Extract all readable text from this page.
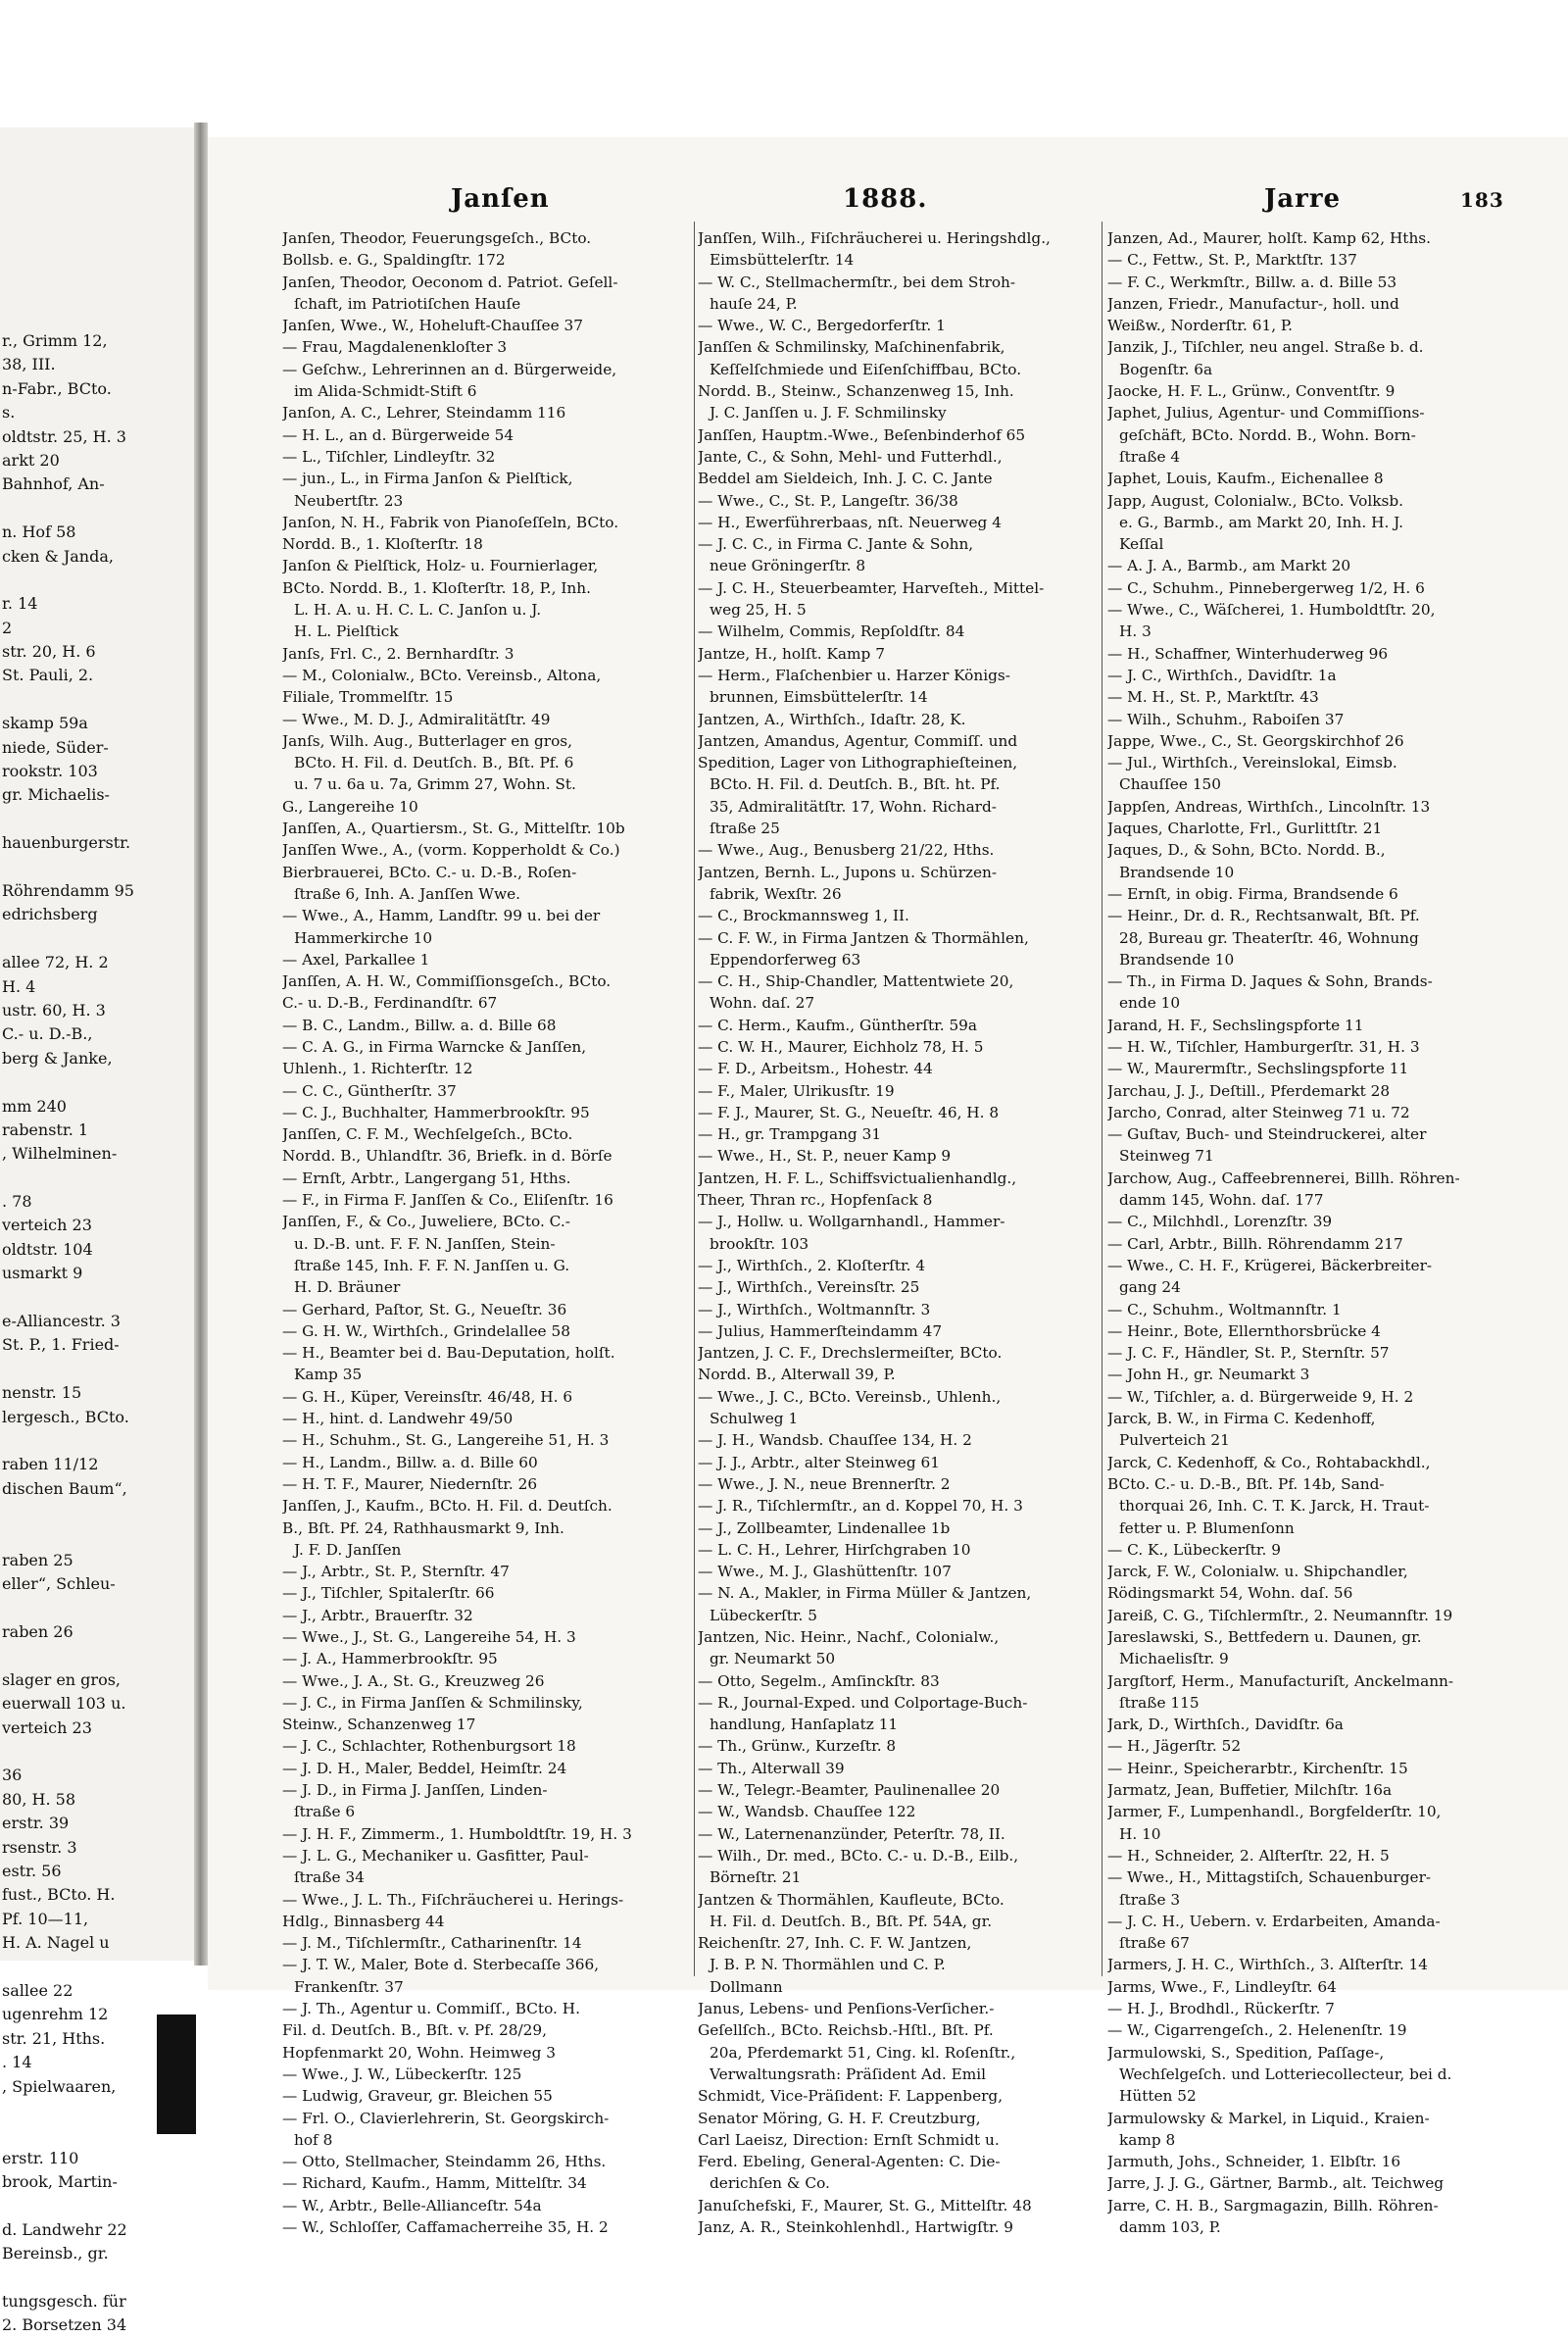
r., Grimm 12,
38, III.
n-Fabr., BCto.
s.
oldtstr. 25, H. 3
arkt 20
Bahnhof, An-
n. Hof 58
cken & Janda,
r. 14
2
str. 20, H. 6
St. Pauli, 2.
skamp 59a
niede, Süder-
rookstr. 103
gr. Michaelis-
hauenburgerstr.
Röhrendamm 95
edrichsberg
allee 72, H. 2
H. 4
ustr. 60, H. 3
C.- u. D.-B.,
berg & Janke,
mm 240
rabenstr. 1
, Wilhelminen-
. 78
verteich 23
oldtstr. 104
usmarkt 9
e-Alliancestr. 3
St. P., 1. Fried-
nenstr. 15
lergesch., BCto.
raben 11/12
dischen Baum“,
raben 25
eller“, Schleu-
raben 26
slager en gros,
euerwall 103 u.
verteich 23
36
80, H. 58
erstr. 39
rsenstr. 3
estr. 56
fust., BCto. H.
Pf. 10—11,
H. A. Nagel u
sallee 22
ugenrehm 12
str. 21, Hths.
. 14
, Spielwaaren,
erstr. 110
brook, Martin-
d. Landwehr 22
Bereinsb., gr.
tungsgesch. für
2. Borsetzen 34
Janſen	1888.	Jarre	183
Janſen, Theodor, Feuerungsgeſch., BCto.
Bollsb. e. G., Spaldingſtr. 172
Janſen, Theodor, Oeconom d. Patriot. Geſell-
ſchaft, im Patriotiſchen Hauſe
Janſen, Wwe., W., Hoheluft-Chauſſee 37
— Frau, Magdalenenkloſter 3
— Geſchw., Lehrerinnen an d. Bürgerweide,
im Alida-Schmidt-Stift 6
Janſon, A. C., Lehrer, Steindamm 116
— H. L., an d. Bürgerweide 54
— L., Tiſchler, Lindleyſtr. 32
— jun., L., in Firma Janſon & Pielſtick,
Neubertſtr. 23
Janſon, N. H., Fabrik von Pianoſeſſeln, BCto.
Nordd. B., 1. Kloſterſtr. 18
Janſon & Pielſtick, Holz- u. Fournierlager,
BCto. Nordd. B., 1. Kloſterſtr. 18, P., Inh.
L. H. A. u. H. C. L. C. Janſon u. J.
H. L. Pielſtick
Janſs, Frl. C., 2. Bernhardſtr. 3
— M., Colonialw., BCto. Vereinsb., Altona,
Filiale, Trommelſtr. 15
— Wwe., M. D. J., Admiralitätſtr. 49
Janſs, Wilh. Aug., Butterlager en gros,
BCto. H. Fil. d. Deutſch. B., Bſt. Pf. 6
u. 7 u. 6a u. 7a, Grimm 27, Wohn. St.
G., Langereihe 10
Janſſen, A., Quartiersm., St. G., Mittelſtr. 10b
Janſſen Wwe., A., (vorm. Kopperholdt & Co.)
Bierbrauerei, BCto. C.- u. D.-B., Roſen-
ſtraße 6, Inh. A. Janſſen Wwe.
— Wwe., A., Hamm, Landſtr. 99 u. bei der
Hammerkirche 10
— Axel, Parkallee 1
Janſſen, A. H. W., Commiſſionsgeſch., BCto.
C.- u. D.-B., Ferdinandſtr. 67
— B. C., Landm., Billw. a. d. Bille 68
— C. A. G., in Firma Warncke & Janſſen,
Uhlenh., 1. Richterſtr. 12
— C. C., Güntherſtr. 37
— C. J., Buchhalter, Hammerbrookſtr. 95
Janſſen, C. F. M., Wechſelgeſch., BCto.
Nordd. B., Uhlandſtr. 36, Briefk. in d. Börſe
— Ernſt, Arbtr., Langergang 51, Hths.
— F., in Firma F. Janſſen & Co., Eliſenſtr. 16
Janſſen, F., & Co., Juweliere, BCto. C.-
u. D.-B. unt. F. F. N. Janſſen, Stein-
ſtraße 145, Inh. F. F. N. Janſſen u. G.
H. D. Bräuner
— Gerhard, Paſtor, St. G., Neueſtr. 36
— G. H. W., Wirthſch., Grindelallee 58
— H., Beamter bei d. Bau-Deputation, holſt.
Kamp 35
— G. H., Küper, Vereinsſtr. 46/48, H. 6
— H., hint. d. Landwehr 49/50
— H., Schuhm., St. G., Langereihe 51, H. 3
— H., Landm., Billw. a. d. Bille 60
— H. T. F., Maurer, Niedernſtr. 26
Janſſen, J., Kaufm., BCto. H. Fil. d. Deutſch.
B., Bſt. Pf. 24, Rathhausmarkt 9, Inh.
J. F. D. Janſſen
— J., Arbtr., St. P., Sternſtr. 47
— J., Tiſchler, Spitalerſtr. 66
— J., Arbtr., Brauerſtr. 32
— Wwe., J., St. G., Langereihe 54, H. 3
— J. A., Hammerbrookſtr. 95
— Wwe., J. A., St. G., Kreuzweg 26
— J. C., in Firma Janſſen & Schmilinsky,
Steinw., Schanzenweg 17
— J. C., Schlachter, Rothenburgsort 18
— J. D. H., Maler, Beddel, Heimſtr. 24
— J. D., in Firma J. Janſſen, Linden-
ſtraße 6
— J. H. F., Zimmerm., 1. Humboldtſtr. 19, H. 3
— J. L. G., Mechaniker u. Gasfitter, Paul-
ſtraße 34
— Wwe., J. L. Th., Fiſchräucherei u. Herings-
Hdlg., Binnasberg 44
— J. M., Tiſchlermſtr., Catharinenſtr. 14
— J. T. W., Maler, Bote d. Sterbecaſſe 366,
Frankenſtr. 37
— J. Th., Agentur u. Commiſſ., BCto. H.
Fil. d. Deutſch. B., Bſt. v. Pf. 28/29,
Hopfenmarkt 20, Wohn. Heimweg 3
— Wwe., J. W., Lübeckerſtr. 125
— Ludwig, Graveur, gr. Bleichen 55
— Frl. O., Clavierlehrerin, St. Georgskirch-
hof 8
— Otto, Stellmacher, Steindamm 26, Hths.
— Richard, Kaufm., Hamm, Mittelſtr. 34
— W., Arbtr., Belle-Allianceſtr. 54a
— W., Schloſſer, Caffamacherreihe 35, H. 2
Janſſen, Wilh., Fiſchräucherei u. Heringshdlg.,
Eimsbüttelerſtr. 14
— W. C., Stellmachermſtr., bei dem Stroh-
hauſe 24, P.
— Wwe., W. C., Bergedorferſtr. 1
Janſſen & Schmilinsky, Maſchinenfabrik,
Keſſelſchmiede und Eiſenſchiffbau, BCto.
Nordd. B., Steinw., Schanzenweg 15, Inh.
J. C. Janſſen u. J. F. Schmilinsky
Janſſen, Hauptm.-Wwe., Beſenbinderhof 65
Jante, C., & Sohn, Mehl- und Futterhdl.,
Beddel am Sieldeich, Inh. J. C. C. Jante
— Wwe., C., St. P., Langeſtr. 36/38
— H., Ewerführerbaas, nſt. Neuerweg 4
— J. C. C., in Firma C. Jante & Sohn,
neue Gröningerſtr. 8
— J. C. H., Steuerbeamter, Harveſteh., Mittel-
weg 25, H. 5
— Wilhelm, Commis, Repſoldſtr. 84
Jantze, H., holſt. Kamp 7
— Herm., Flaſchenbier u. Harzer Königs-
brunnen, Eimsbüttelerſtr. 14
Jantzen, A., Wirthſch., Idaſtr. 28, K.
Jantzen, Amandus, Agentur, Commiſſ. und
Spedition, Lager von Lithographieſteinen,
BCto. H. Fil. d. Deutſch. B., Bſt. ht. Pf.
35, Admiralitätſtr. 17, Wohn. Richard-
ſtraße 25
— Wwe., Aug., Benusberg 21/22, Hths.
Jantzen, Bernh. L., Jupons u. Schürzen-
fabrik, Wexſtr. 26
— C., Brockmannsweg 1, II.
— C. F. W., in Firma Jantzen & Thormählen,
Eppendorferweg 63
— C. H., Ship-Chandler, Mattentwiete 20,
Wohn. daſ. 27
— C. Herm., Kaufm., Güntherſtr. 59a
— C. W. H., Maurer, Eichholz 78, H. 5
— F. D., Arbeitsm., Hohestr. 44
— F., Maler, Ulrikusſtr. 19
— F. J., Maurer, St. G., Neueſtr. 46, H. 8
— H., gr. Trampgang 31
— Wwe., H., St. P., neuer Kamp 9
Jantzen, H. F. L., Schiffsvictualienhandlg.,
Theer, Thran rc., Hopfenſack 8
— J., Hollw. u. Wollgarnhandl., Hammer-
brookſtr. 103
— J., Wirthſch., 2. Kloſterſtr. 4
— J., Wirthſch., Vereinsſtr. 25
— J., Wirthſch., Woltmannſtr. 3
— Julius, Hammerſteindamm 47
Jantzen, J. C. F., Drechslermeiſter, BCto.
Nordd. B., Alterwall 39, P.
— Wwe., J. C., BCto. Vereinsb., Uhlenh.,
Schulweg 1
— J. H., Wandsb. Chauſſee 134, H. 2
— J. J., Arbtr., alter Steinweg 61
— Wwe., J. N., neue Brennerſtr. 2
— J. R., Tiſchlermſtr., an d. Koppel 70, H. 3
— J., Zollbeamter, Lindenallee 1b
— L. C. H., Lehrer, Hirſchgraben 10
— Wwe., M. J., Glashüttenſtr. 107
— N. A., Makler, in Firma Müller & Jantzen,
Lübeckerſtr. 5
Jantzen, Nic. Heinr., Nachf., Colonialw.,
gr. Neumarkt 50
— Otto, Segelm., Amſinckſtr. 83
— R., Journal-Exped. und Colportage-Buch-
handlung, Hanſaplatz 11
— Th., Grünw., Kurzeſtr. 8
— Th., Alterwall 39
— W., Telegr.-Beamter, Paulinenallee 20
— W., Wandsb. Chauſſee 122
— W., Laternenanzünder, Peterſtr. 78, II.
— Wilh., Dr. med., BCto. C.- u. D.-B., Eilb.,
Börneſtr. 21
Jantzen & Thormählen, Kaufleute, BCto.
H. Fil. d. Deutſch. B., Bſt. Pf. 54A, gr.
Reichenſtr. 27, Inh. C. F. W. Jantzen,
J. B. P. N. Thormählen und C. P.
Dollmann
Janus, Lebens- und Penſions-Verſicher.-
Geſellſch., BCto. Reichsb.-Hſtl., Bſt. Pf.
20a, Pferdemarkt 51, Cing. kl. Roſenſtr.,
Verwaltungsrath: Präſident Ad. Emil
Schmidt, Vice-Präſident: F. Lappenberg,
Senator Möring, G. H. F. Creutzburg,
Carl Laeisz, Direction: Ernſt Schmidt u.
Ferd. Ebeling, General-Agenten: C. Die-
derichſen & Co.
Januſchefski, F., Maurer, St. G., Mittelſtr. 48
Janz, A. R., Steinkohlenhdl., Hartwigſtr. 9
Janzen, Ad., Maurer, holſt. Kamp 62, Hths.
— C., Fettw., St. P., Marktſtr. 137
— F. C., Werkmſtr., Billw. a. d. Bille 53
Janzen, Friedr., Manufactur-, holl. und
Weißw., Norderſtr. 61, P.
Janzik, J., Tiſchler, neu angel. Straße b. d.
Bogenſtr. 6a
Jaocke, H. F. L., Grünw., Conventſtr. 9
Japhet, Julius, Agentur- und Commiſſions-
geſchäft, BCto. Nordd. B., Wohn. Born-
ſtraße 4
Japhet, Louis, Kaufm., Eichenallee 8
Japp, August, Colonialw., BCto. Volksb.
e. G., Barmb., am Markt 20, Inh. H. J.
Keſſal
— A. J. A., Barmb., am Markt 20
— C., Schuhm., Pinnebergerweg 1/2, H. 6
— Wwe., C., Wäſcherei, 1. Humboldtſtr. 20,
H. 3
— H., Schaffner, Winterhuderweg 96
— J. C., Wirthſch., Davidſtr. 1a
— M. H., St. P., Marktſtr. 43
— Wilh., Schuhm., Raboiſen 37
Jappe, Wwe., C., St. Georgskirchhof 26
— Jul., Wirthſch., Vereinslokal, Eimsb.
Chauſſee 150
Jappſen, Andreas, Wirthſch., Lincolnſtr. 13
Jaques, Charlotte, Frl., Gurlittſtr. 21
Jaques, D., & Sohn, BCto. Nordd. B.,
Brandsende 10
— Ernſt, in obig. Firma, Brandsende 6
— Heinr., Dr. d. R., Rechtsanwalt, Bſt. Pf.
28, Bureau gr. Theaterſtr. 46, Wohnung
Brandsende 10
— Th., in Firma D. Jaques & Sohn, Brands-
ende 10
Jarand, H. F., Sechslingspforte 11
— H. W., Tiſchler, Hamburgerſtr. 31, H. 3
— W., Maurermſtr., Sechslingspforte 11
Jarchau, J. J., Deſtill., Pferdemarkt 28
Jarcho, Conrad, alter Steinweg 71 u. 72
— Guſtav, Buch- und Steindruckerei, alter
Steinweg 71
Jarchow, Aug., Caffeebrennerei, Billh. Röhren-
damm 145, Wohn. daſ. 177
— C., Milchhdl., Lorenzſtr. 39
— Carl, Arbtr., Billh. Röhrendamm 217
— Wwe., C. H. F., Krügerei, Bäckerbreiter-
gang 24
— C., Schuhm., Woltmannſtr. 1
— Heinr., Bote, Ellernthorsbrücke 4
— J. C. F., Händler, St. P., Sternſtr. 57
— John H., gr. Neumarkt 3
— W., Tiſchler, a. d. Bürgerweide 9, H. 2
Jarck, B. W., in Firma C. Kedenhoff,
Pulverteich 21
Jarck, C. Kedenhoff, & Co., Rohtabackhdl.,
BCto. C.- u. D.-B., Bſt. Pf. 14b, Sand-
thorquai 26, Inh. C. T. K. Jarck, H. Traut-
fetter u. P. Blumenſonn
— C. K., Lübeckerſtr. 9
Jarck, F. W., Colonialw. u. Shipchandler,
Rödingsmarkt 54, Wohn. daſ. 56
Jareiß, C. G., Tiſchlermſtr., 2. Neumannſtr. 19
Jareslawski, S., Bettfedern u. Daunen, gr.
Michaelisſtr. 9
Jargſtorf, Herm., Manufacturiſt, Anckelmann-
ſtraße 115
Jark, D., Wirthſch., Davidſtr. 6a
— H., Jägerſtr. 52
— Heinr., Speicherarbtr., Kirchenſtr. 15
Jarmatz, Jean, Buffetier, Milchſtr. 16a
Jarmer, F., Lumpenhandl., Borgfelderſtr. 10,
H. 10
— H., Schneider, 2. Alſterſtr. 22, H. 5
— Wwe., H., Mittagstiſch, Schauenburger-
ſtraße 3
— J. C. H., Uebern. v. Erdarbeiten, Amanda-
ſtraße 67
Jarmers, J. H. C., Wirthſch., 3. Alſterſtr. 14
Jarms, Wwe., F., Lindleyſtr. 64
— H. J., Brodhdl., Rückerſtr. 7
— W., Cigarrengeſch., 2. Helenenſtr. 19
Jarmulowski, S., Spedition, Paſſage-,
Wechſelgeſch. und Lotteriecollecteur, bei d.
Hütten 52
Jarmulowsky & Markel, in Liquid., Kraien-
kamp 8
Jarmuth, Johs., Schneider, 1. Elbſtr. 16
Jarre, J. J. G., Gärtner, Barmb., alt. Teichweg
Jarre, C. H. B., Sargmagazin, Billh. Röhren-
damm 103, P.
